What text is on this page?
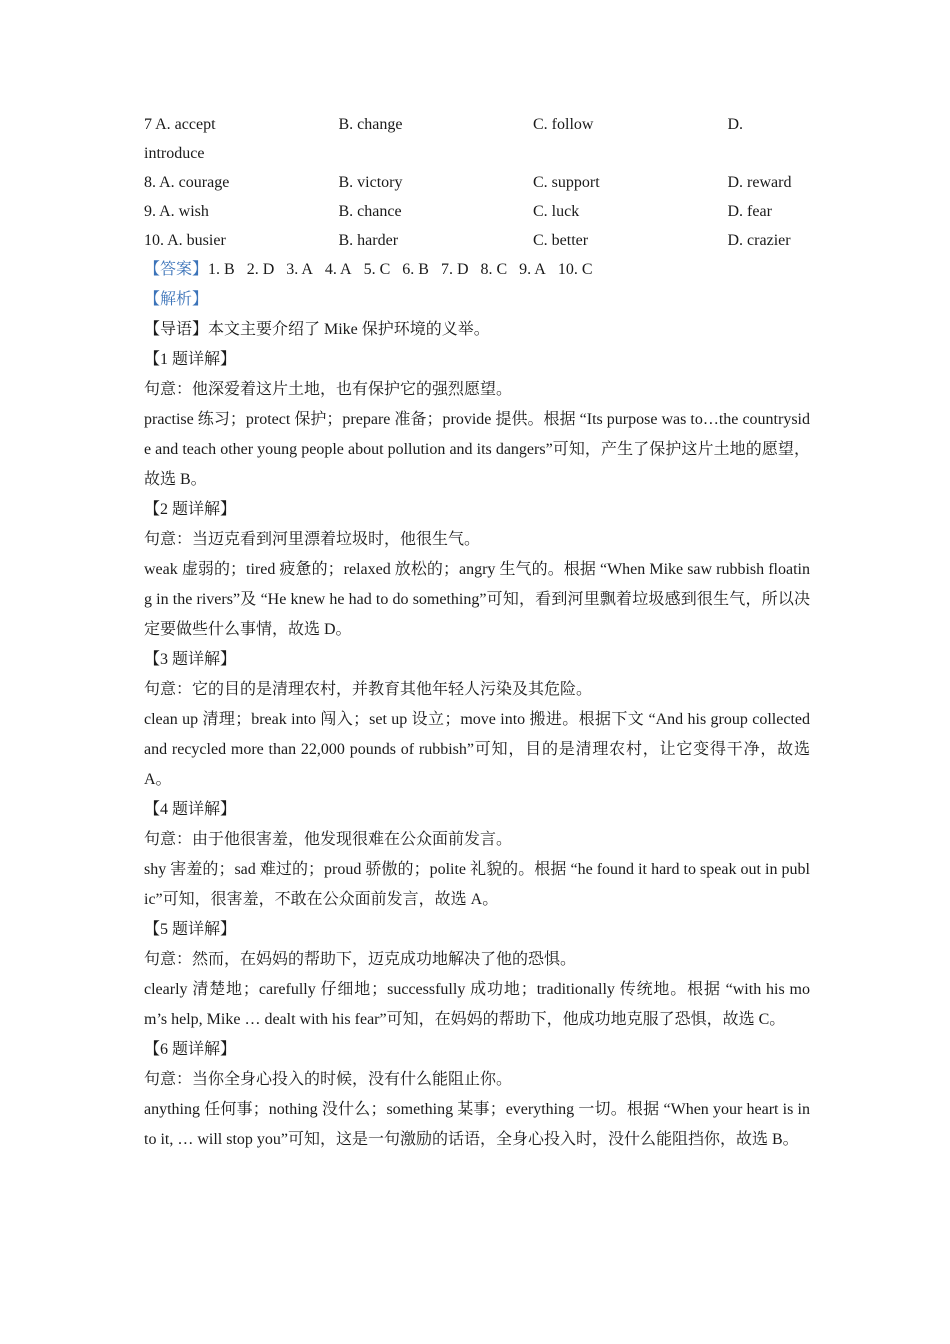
7 A. accept	B. change	C. follow	D.
introduce
8. A. courage	B. victory	C. support	D. reward
9. A. wish	B. chance	C. luck	D. fear
10. A. busier	B. harder	C. better	D. crazier
【答案】1. B 2. D 3. A 4. A 5. C 6. B 7. D 8. C 9. A 10. C
【解析】
【导语】本文主要介绍了 Mike 保护环境的义举。
【1 题详解】
句意：他深爱着这片土地，也有保护它的强烈愿望。
practise 练习；protect 保护；prepare 准备；provide 提供。根据 “Its purpose was to…the countryside and teach other young people about pollution and its dangers”可知，产生了保护这片土地的愿望，故选 B。
【2 题详解】
句意：当迈克看到河里漂着垃圾时，他很生气。
weak 虚弱的；tired 疲惫的；relaxed 放松的；angry 生气的。根据 “When Mike saw rubbish floating in the rivers”及 “He knew he had to do something”可知，看到河里飘着垃圾感到很生气，所以决定要做些什么事情，故选 D。
【3 题详解】
句意：它的目的是清理农村，并教育其他年轻人污染及其危险。
clean up 清理；break into 闯入；set up 设立；move into 搬进。根据下文 “And his group collected and recycled more than 22,000 pounds of rubbish”可知，目的是清理农村，让它变得干净，故选 A。
【4 题详解】
句意：由于他很害羞，他发现很难在公众面前发言。
shy 害羞的；sad 难过的；proud 骄傲的；polite 礼貌的。根据 “he found it hard to speak out in public”可知，很害羞，不敢在公众面前发言，故选 A。
【5 题详解】
句意：然而，在妈妈的帮助下，迈克成功地解决了他的恐惧。
clearly 清楚地；carefully 仔细地；successfully 成功地；traditionally 传统地。根据 “with his mom’s help, Mike … dealt with his fear”可知，在妈妈的帮助下，他成功地克服了恐惧，故选 C。
【6 题详解】
句意：当你全身心投入的时候，没有什么能阻止你。
anything 任何事；nothing 没什么；something 某事；everything 一切。根据 “When your heart is into it, … will stop you”可知，这是一句激励的话语，全身心投入时，没什么能阻挡你，故选 B。
